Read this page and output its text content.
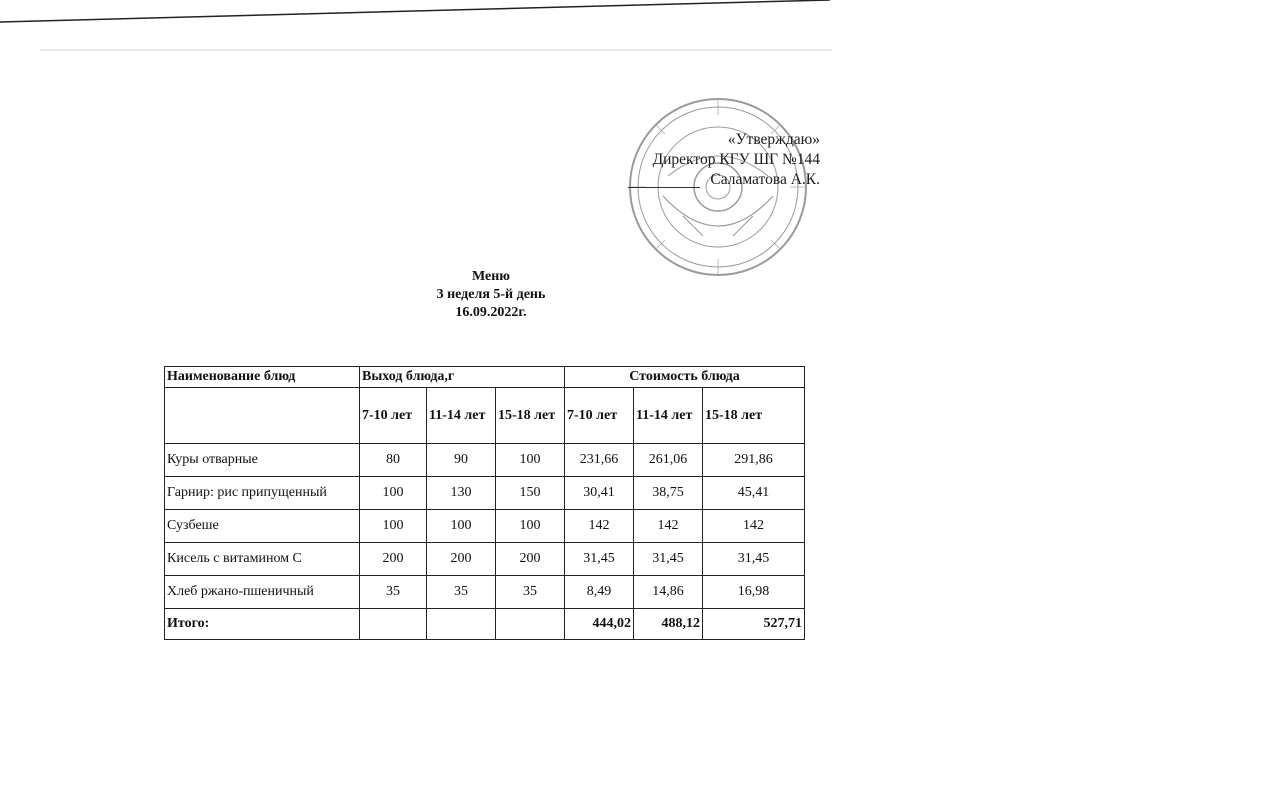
«Утверждаю»
Директор КГУ ШГ №144
Саламатова А.К.
Меню
3 неделя 5-й день
16.09.2022г.
Наименование блюд	Выход блюда,г			Стоимость блюда		
	7-10 лет	11-14 лет	15-18 лет	7-10 лет	11-14 лет	15-18 лет
Куры отварные	80	90	100	231,66	261,06	291,86
Гарнир: рис припущенный	100	130	150	30,41	38,75	45,41
Сузбеше	100	100	100	142	142	142
Кисель с витамином С	200	200	200	31,45	31,45	31,45
Хлеб ржано-пшеничный	35	35	35	8,49	14,86	16,98
Итого:				444,02	488,12	527,71
